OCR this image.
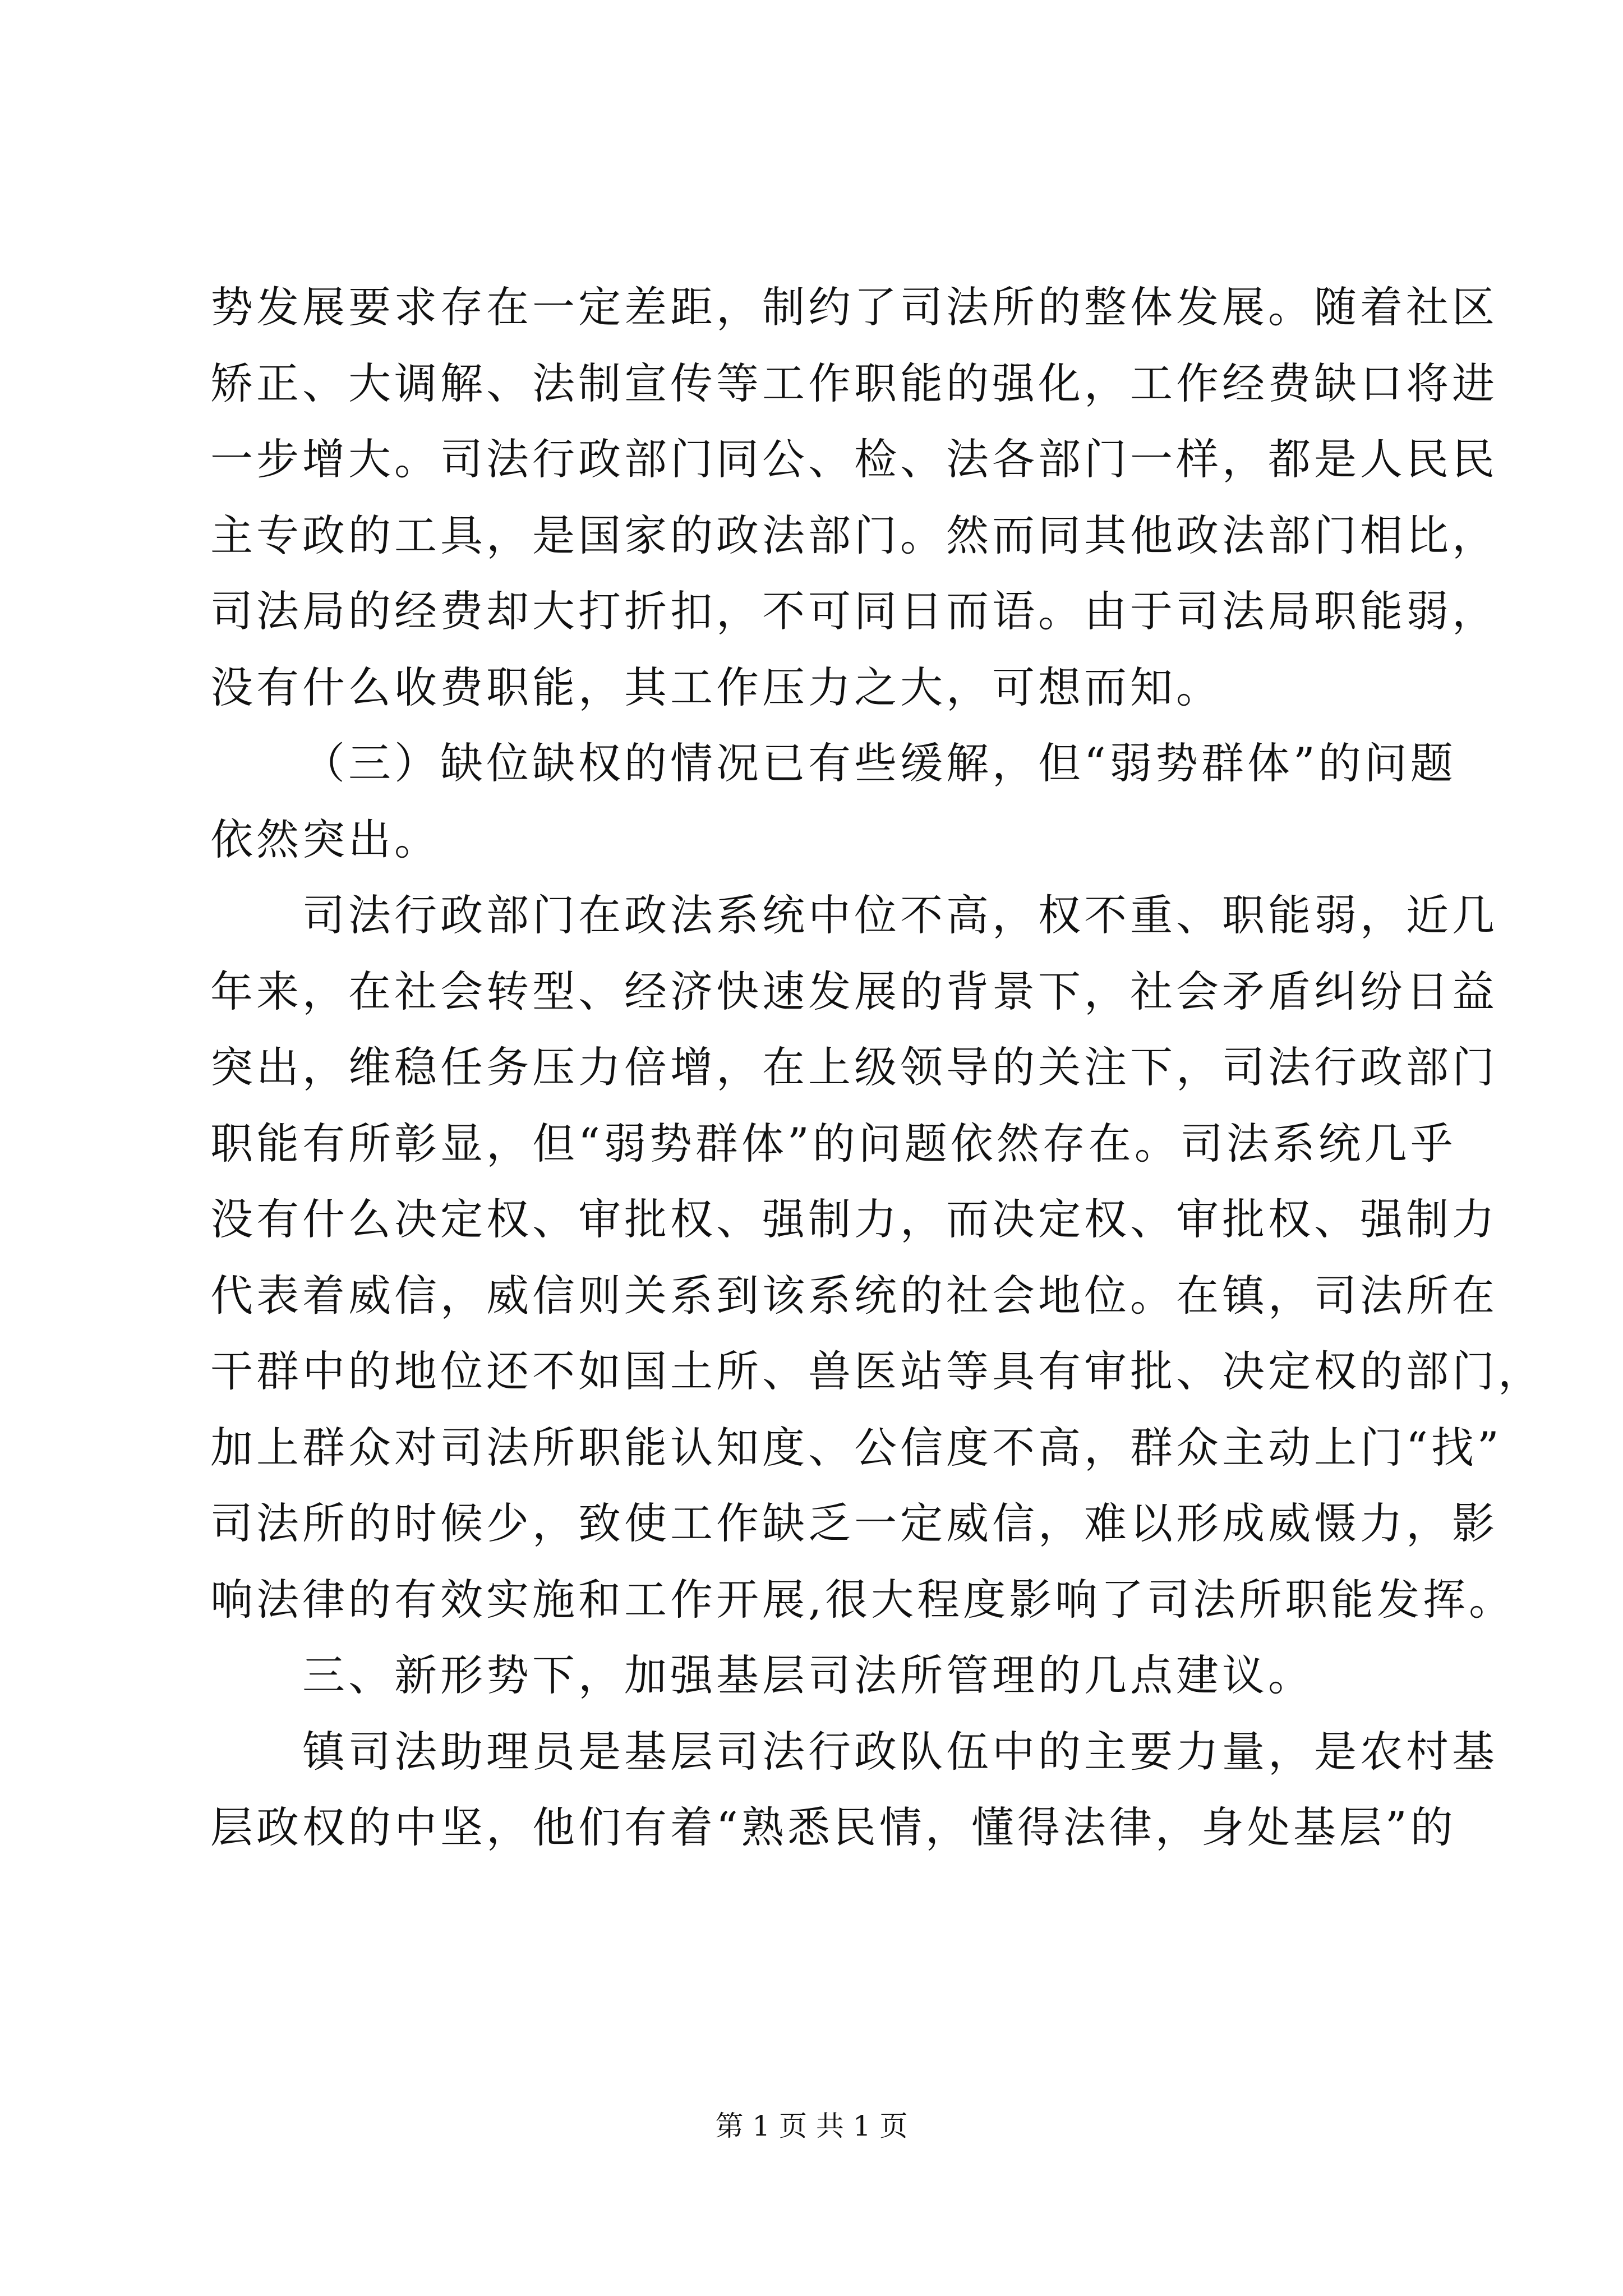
势发展要求存在一定差距，制约了司法所的整体发展。随着社区
矫正、大调解、法制宣传等工作职能的强化，工作经费缺口将进
一步增大。司法行政部门同公、检、法各部门一样，都是人民民
主专政的工具，是国家的政法部门。然而同其他政法部门相比，
司法局的经费却大打折扣，不可同日而语。由于司法局职能弱，
没有什么收费职能，其工作压力之大，可想而知。
（三）缺位缺权的情况已有些缓解，但“弱势群体”的问题
依然突出。
司法行政部门在政法系统中位不高，权不重、职能弱，近几
年来，在社会转型、经济快速发展的背景下，社会矛盾纠纷日益
突出，维稳任务压力倍增，在上级领导的关注下，司法行政部门
职能有所彰显，但“弱势群体”的问题依然存在。司法系统几乎
没有什么决定权、审批权、强制力，而决定权、审批权、强制力
代表着威信，威信则关系到该系统的社会地位。在镇，司法所在
干群中的地位还不如国土所、兽医站等具有审批、决定权的部门，
加上群众对司法所职能认知度、公信度不高，群众主动上门“找”
司法所的时候少，致使工作缺乏一定威信，难以形成威慑力，影
响法律的有效实施和工作开展,很大程度影响了司法所职能发挥。
三、新形势下，加强基层司法所管理的几点建议。
镇司法助理员是基层司法行政队伍中的主要力量，是农村基
层政权的中坚，他们有着“熟悉民情，懂得法律，身处基层”的
第 1 页 共 1 页
